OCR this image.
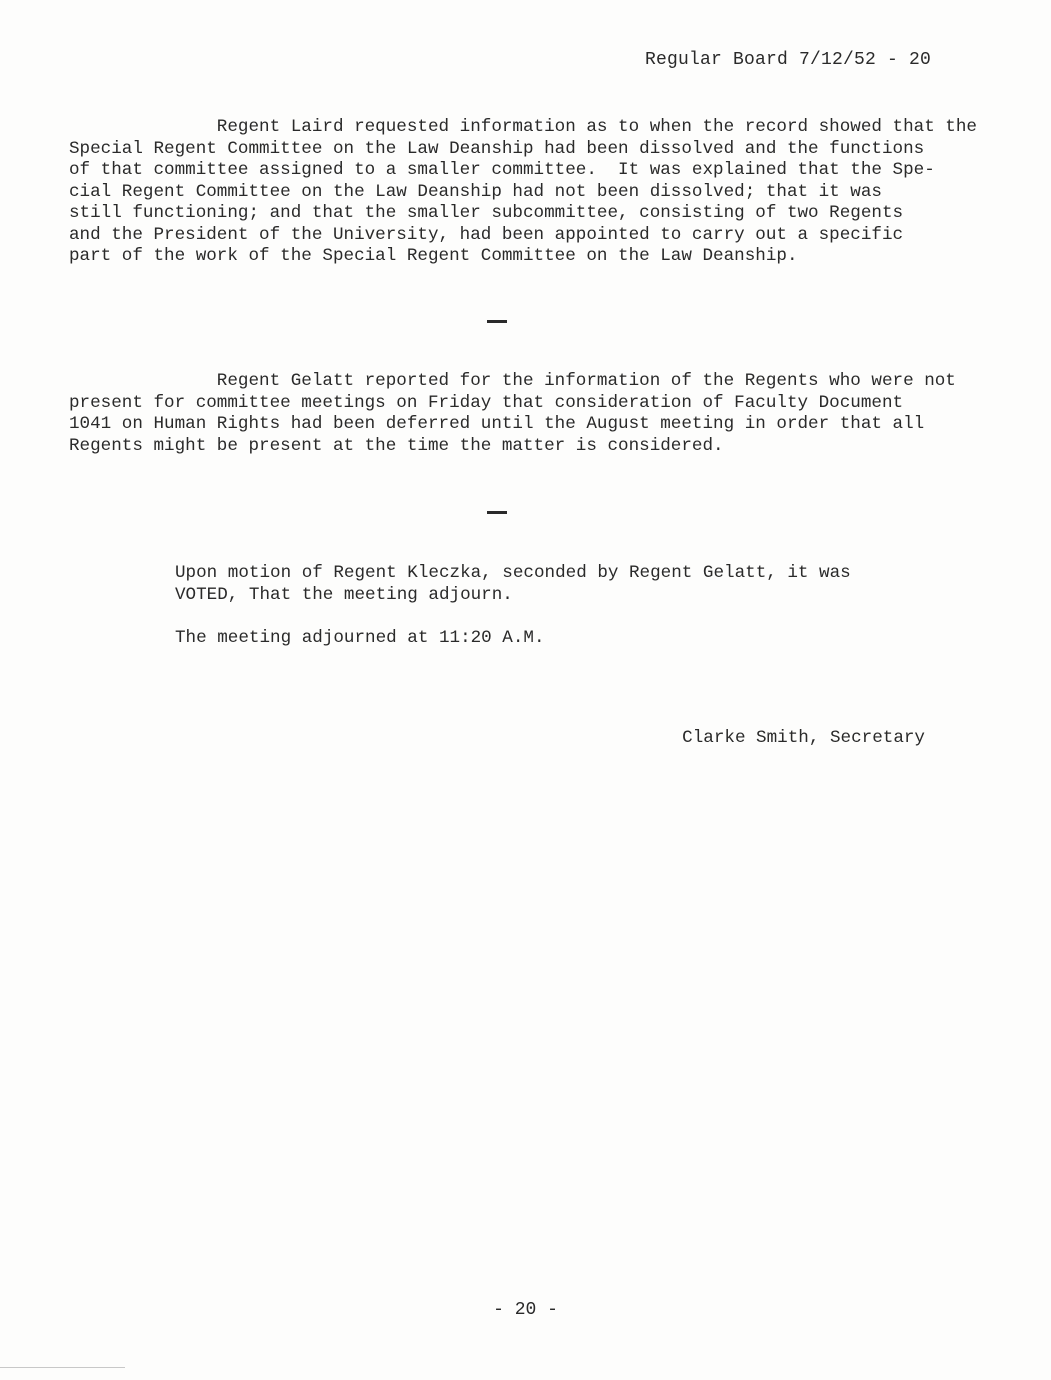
Regular Board 7/12/52 - 20
Regent Laird requested information as to when the record showed that the
Special Regent Committee on the Law Deanship had been dissolved and the functions
of that committee assigned to a smaller committee.  It was explained that the Spe-
cial Regent Committee on the Law Deanship had not been dissolved; that it was
still functioning; and that the smaller subcommittee, consisting of two Regents
and the President of the University, had been appointed to carry out a specific
part of the work of the Special Regent Committee on the Law Deanship.
Regent Gelatt reported for the information of the Regents who were not
present for committee meetings on Friday that consideration of Faculty Document
1041 on Human Rights had been deferred until the August meeting in order that all
Regents might be present at the time the matter is considered.
Upon motion of Regent Kleczka, seconded by Regent Gelatt, it was
VOTED, That the meeting adjourn.
The meeting adjourned at 11:20 A.M.
Clarke Smith, Secretary
- 20 -
